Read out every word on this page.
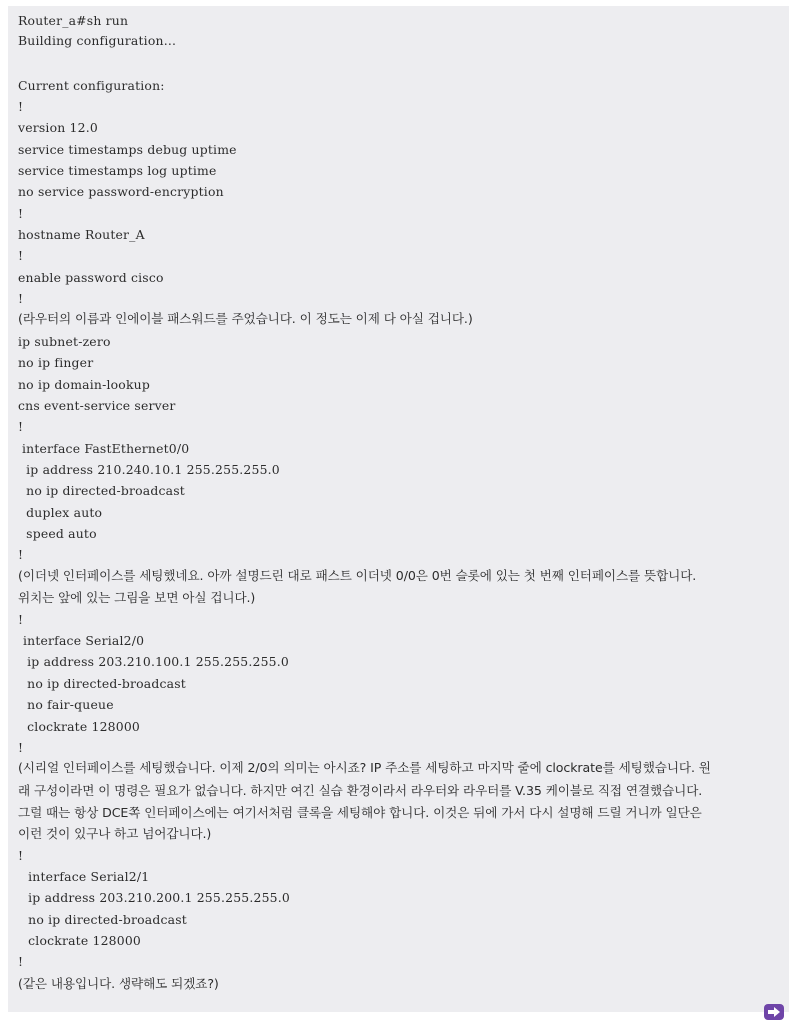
Router_a#sh run
Building configuration...
Current configuration:
!
version 12.0
service timestamps debug uptime
service timestamps log uptime
no service password-encryption
!
hostname Router_A
!
enable password cisco
!
(라우터의 이름과 인에이블 패스워드를 주었습니다. 이 정도는 이제 다 아실 겁니다.)
ip subnet-zero
no ip finger
no ip domain-lookup
cns event-service server
!
interface FastEthernet0/0
ip address 210.240.10.1 255.255.255.0
no ip directed-broadcast
duplex auto
speed auto
!
(이더넷 인터페이스를 세팅했네요. 아까 설명드린 대로 패스트 이더넷 0/0은 0번 슬롯에 있는 첫 번째 인터페이스를 뜻합니다.
위치는 앞에 있는 그림을 보면 아실 겁니다.)
!
interface Serial2/0
ip address 203.210.100.1 255.255.255.0
no ip directed-broadcast
no fair-queue
clockrate 128000
!
(시리얼 인터페이스를 세팅했습니다. 이제 2/0의 의미는 아시죠? IP 주소를 세팅하고 마지막 줄에 clockrate를 세팅했습니다. 원
래 구성이라면 이 명령은 필요가 없습니다. 하지만 여긴 실습 환경이라서 라우터와 라우터를 V.35 케이블로 직접 연결했습니다.
그럴 때는 항상 DCE쪽 인터페이스에는 여기서처럼 클록을 세팅해야 합니다. 이것은 뒤에 가서 다시 설명해 드릴 거니까 일단은
이런 것이 있구나 하고 넘어갑니다.)
!
interface Serial2/1
ip address 203.210.200.1 255.255.255.0
no ip directed-broadcast
clockrate 128000
!
(같은 내용입니다. 생략해도 되겠죠?)
